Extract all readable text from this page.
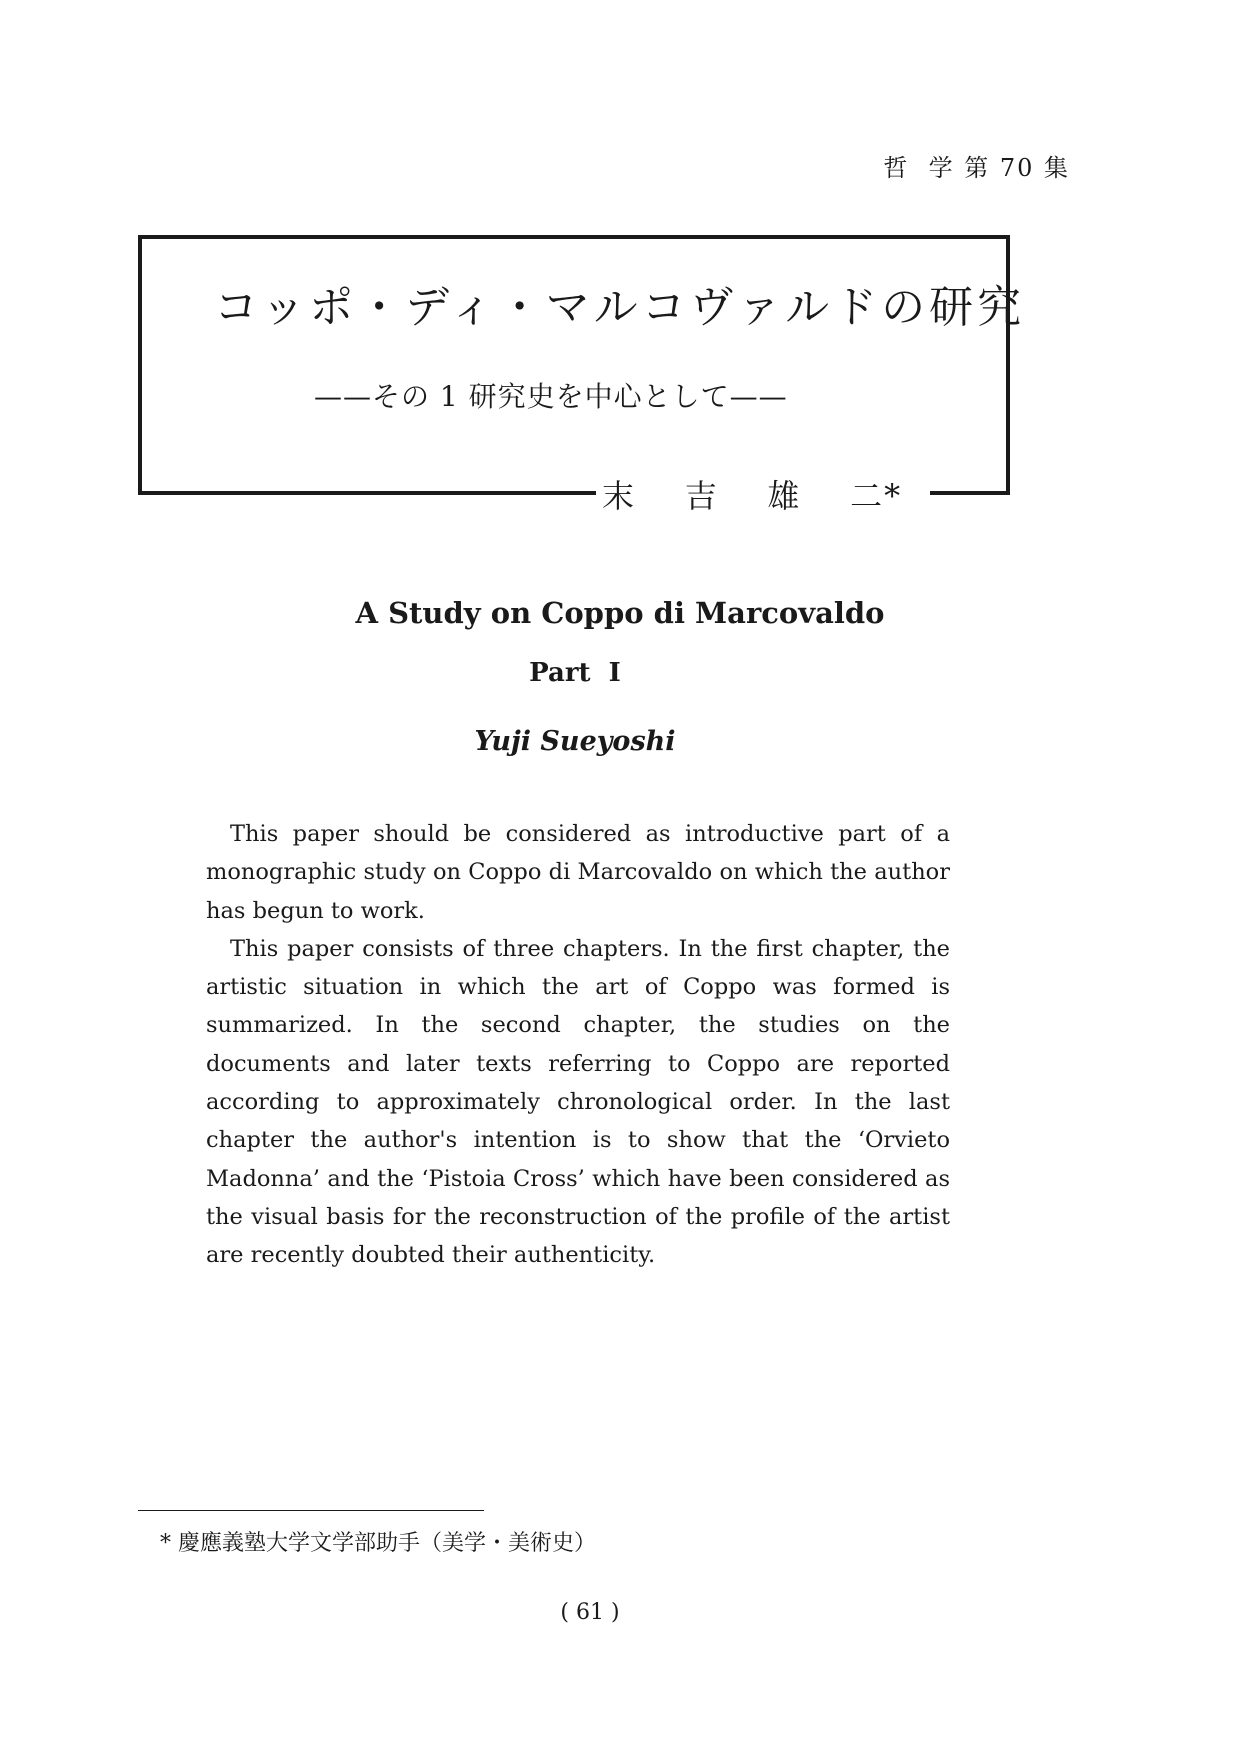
哲  学 第 70 集
コッポ・ディ・マルコヴァルドの研究
——その 1 研究史を中心として——
末    吉    雄    二*
A Study on Coppo di Marcovaldo
Part  I
Yuji Sueyoshi

This paper should be considered as introductive part of a monographic study on Coppo di Marcovaldo on which the author has begun to work.

This paper consists of three chapters. In the first chapter, the artistic situation in which the art of Coppo was formed is summarized. In the second chapter, the studies on the documents and later texts referring to Coppo are reported according to approximately chronological order. In the last chapter the author's intention is to show that the ‘Orvieto Madonna’ and the ‘Pistoia Cross’ which have been considered as the visual basis for the reconstruction of the profile of the artist are recently doubted their authenticity.

* 慶應義塾大学文学部助手（美学・美術史）
( 61 )
